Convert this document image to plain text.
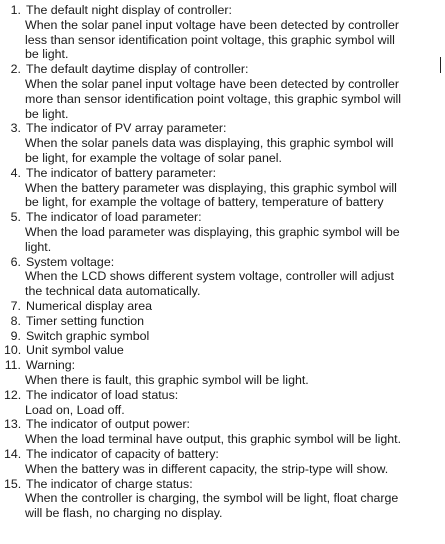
1. The default night display of controller:
When the solar panel input voltage have been detected by controller
less than sensor identification point voltage, this graphic symbol will
be light.
2. The default daytime display of controller:
When the solar panel input voltage have been detected by controller
more than sensor identification point voltage, this graphic symbol will
be light.
3. The indicator of PV array parameter:
When the solar panels data was displaying, this graphic symbol will
be light, for example the voltage of solar panel.
4. The indicator of battery parameter:
When the battery parameter was displaying, this graphic symbol will
be light, for example the voltage of battery, temperature of battery
5. The indicator of load parameter:
When the load parameter was displaying, this graphic symbol will be
light.
6. System voltage:
When the LCD shows different system voltage, controller will adjust
the technical data automatically.
7. Numerical display area
8. Timer setting function
9. Switch graphic symbol
10. Unit symbol value
11. Warning:
When there is fault, this graphic symbol will be light.
12. The indicator of load status:
Load on, Load off.
13. The indicator of output power:
When the load terminal have output, this graphic symbol will be light.
14. The indicator of capacity of battery:
When the battery was in different capacity, the strip-type will show.
15. The indicator of charge status:
When the controller is charging, the symbol will be light, float charge
will be flash, no charging no display.
